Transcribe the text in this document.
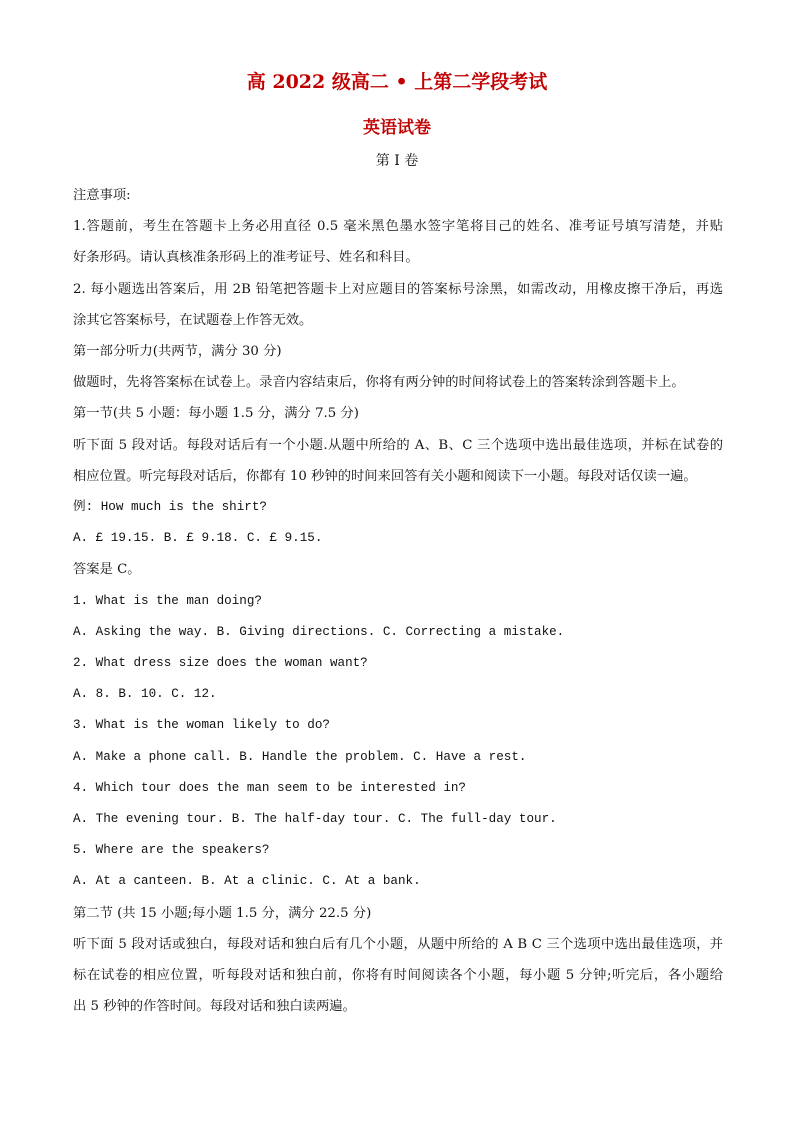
高 2022 级高二 • 上第二学段考试
英语试卷
第 I 卷
注意事项:
1.答题前，考生在答题卡上务必用直径 0.5 毫米黑色墨水签字笔将目己的姓名、准考证号填写清楚，并贴
好条形码。请认真核准条形码上的准考证号、姓名和科目。
2. 每小题选出答案后，用 2B 铅笔把答题卡上对应题目的答案标号涂黑，如需改动，用橡皮擦干净后，再选
涂其它答案标号，在试题卷上作答无效。
第一部分听力(共两节，满分 30 分)
做题时，先将答案标在试卷上。录音内容结束后，你将有两分钟的时间将试卷上的答案转涂到答题卡上。
第一节(共 5 小题：每小题 1.5 分，满分 7.5 分)
听下面 5 段对话。每段对话后有一个小题.从题中所给的 A、B、C 三个选项中选出最佳选项，并标在试卷的
相应位置。听完每段对话后，你都有 10 秒钟的时间来回答有关小题和阅读下一小题。每段对话仅读一遍。
例: How much is the shirt?
A. £ 19.15. B. £ 9.18. C. £ 9.15.
答案是 C。
1. What is the man doing?
A. Asking the way. B. Giving directions. C. Correcting a mistake.
2. What dress size does the woman want?
A. 8. B. 10. C. 12.
3. What is the woman likely to do?
A. Make a phone call. B. Handle the problem. C. Have a rest.
4. Which tour does the man seem to be interested in?
A. The evening tour. B. The half-day tour. C. The full-day tour.
5. Where are the speakers?
A. At a canteen. B. At a clinic. C. At a bank.
第二节 (共 15 小题;每小题 1.5 分，满分 22.5 分)
听下面 5 段对话或独白，每段对话和独白后有几个小题，从题中所给的 A B C 三个选项中选出最佳选项，并
标在试卷的相应位置，听每段对话和独白前，你将有时间阅读各个小题，每小题 5 分钟;听完后，各小题给
出 5 秒钟的作答时间。每段对话和独白读两遍。
